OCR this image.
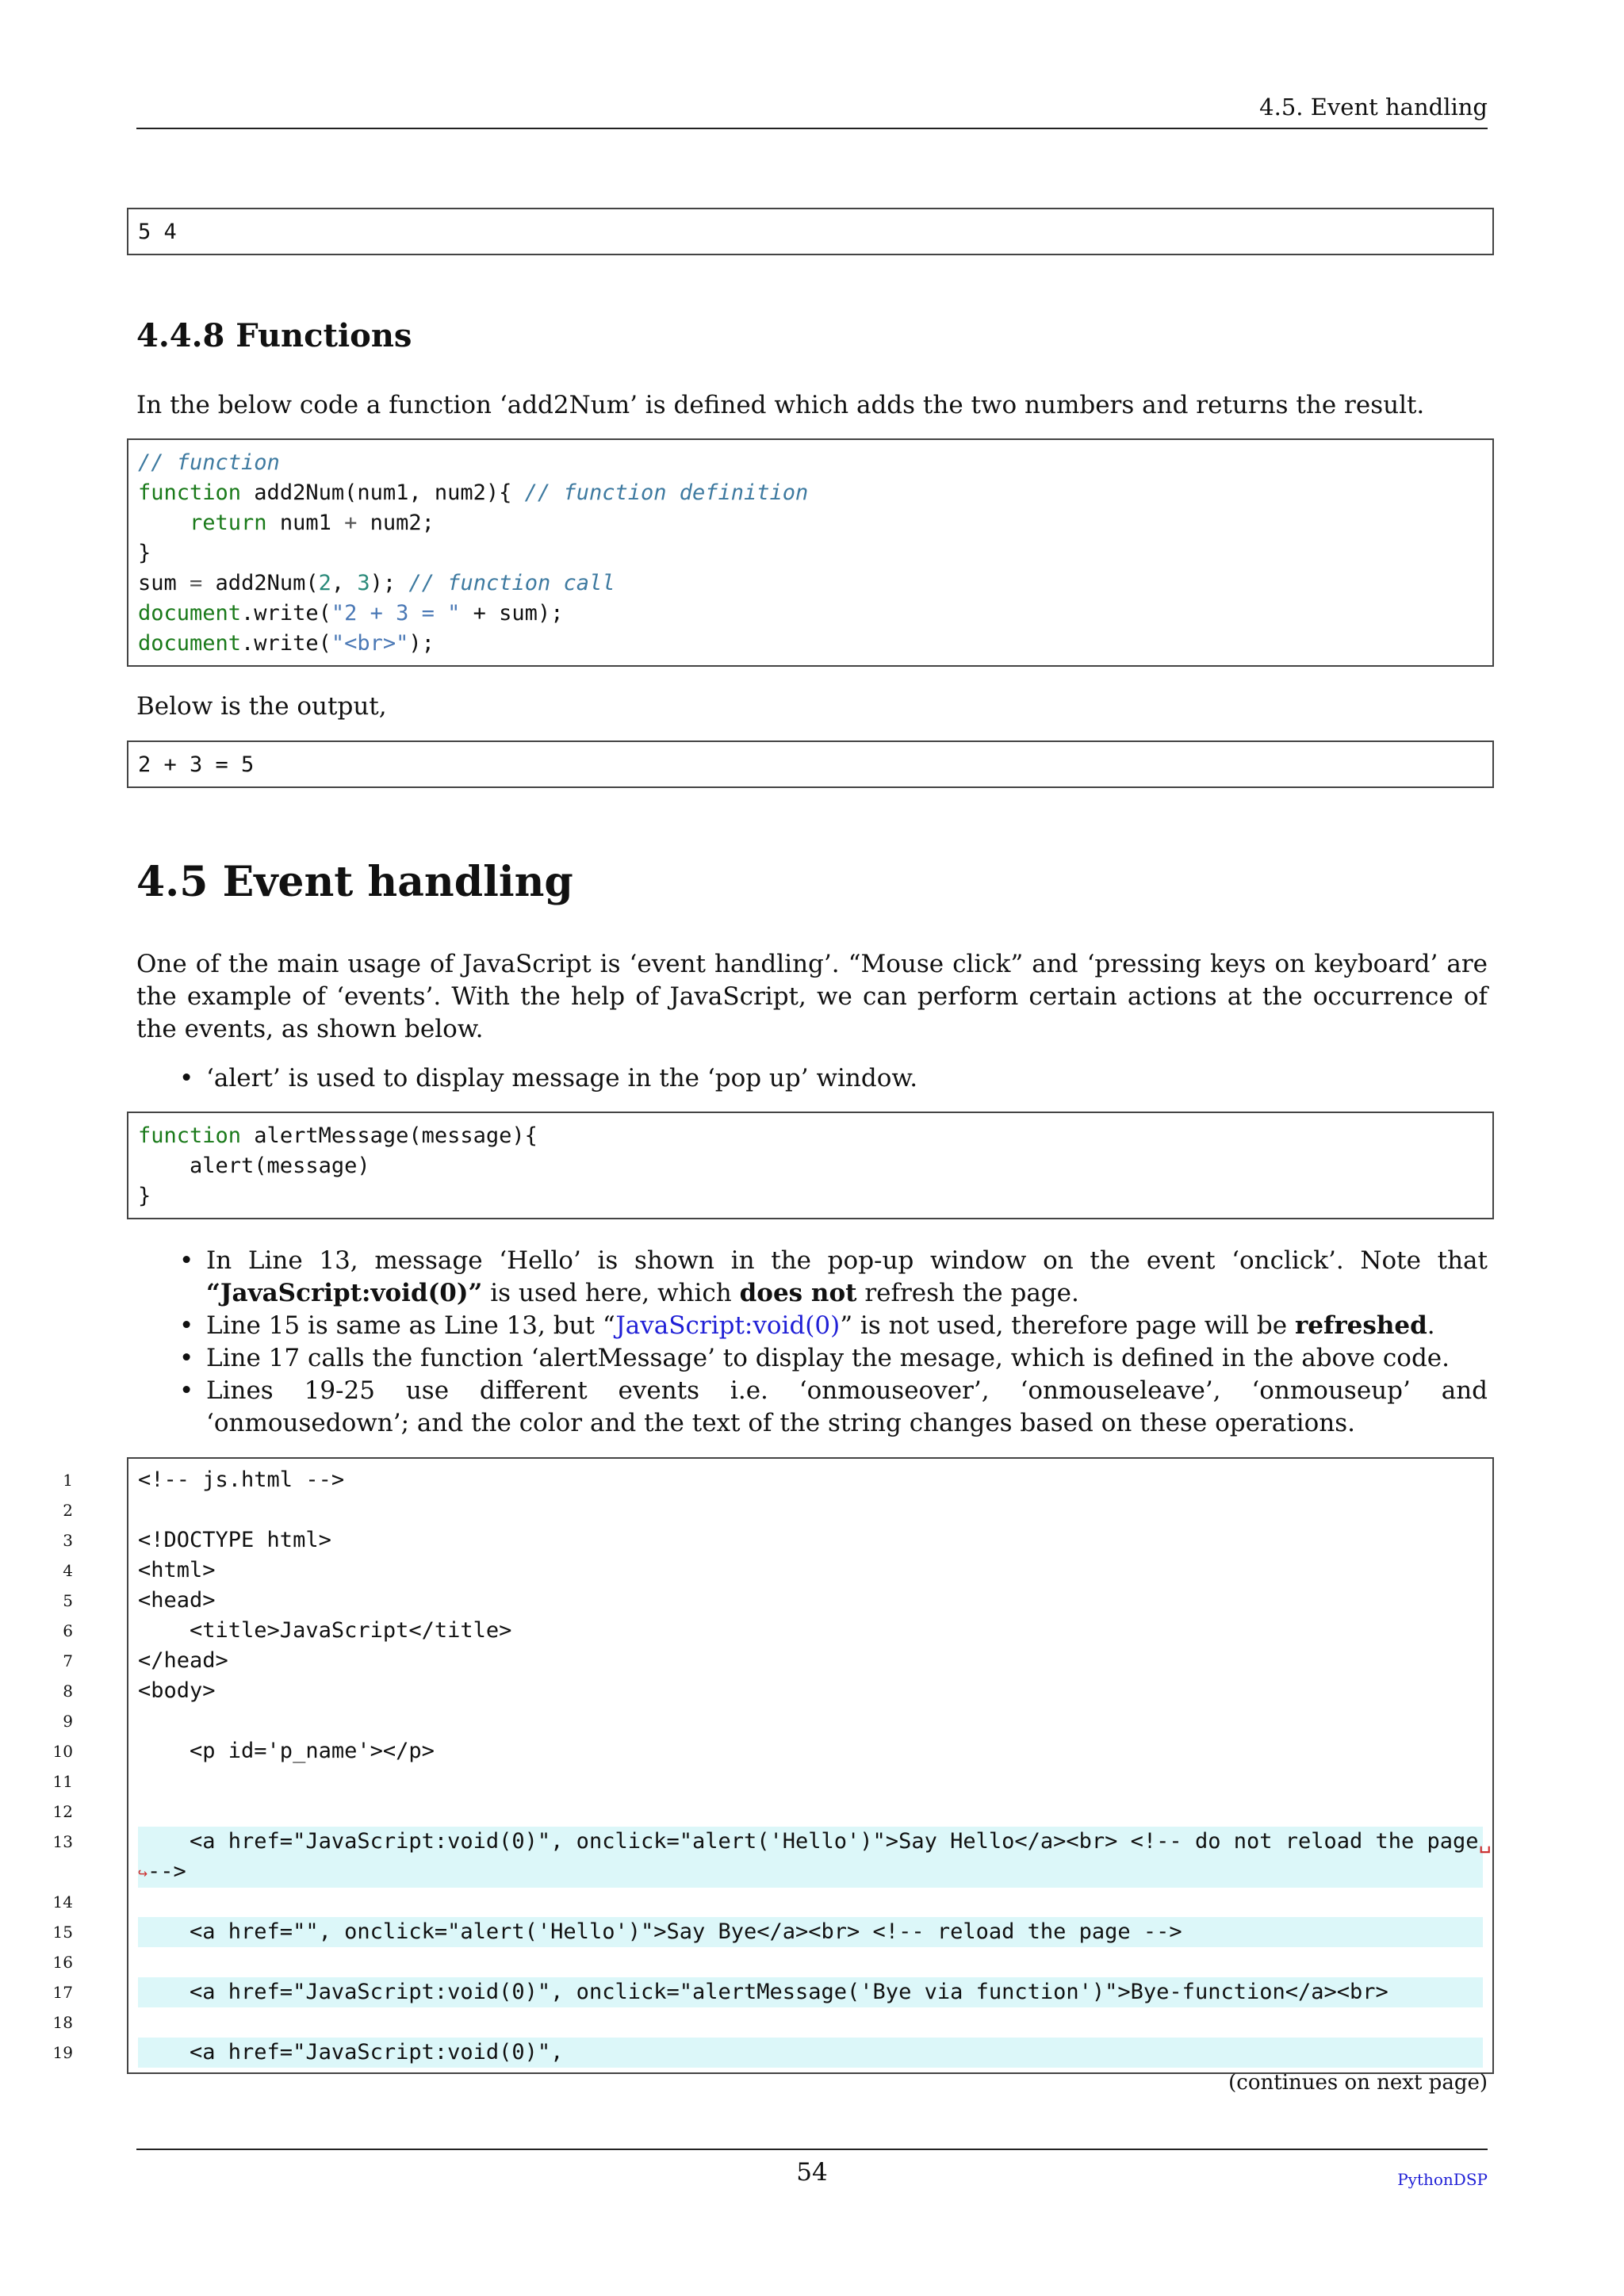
4.5. Event handling
5 4
4.4.8 Functions
In the below code a function ‘add2Num’ is defined which adds the two numbers and returns the result.
// function
function add2Num(num1, num2){ // function definition
return num1 + num2;
}
sum = add2Num(2, 3); // function call
document.write("2 + 3 = " + sum);
document.write("<br>");
Below is the output,
2 + 3 = 5
4.5 Event handling
One of the main usage of JavaScript is ‘event handling’. “Mouse click” and ‘pressing keys on keyboard’ are the example of ‘events’. With the help of JavaScript, we can perform certain actions at the occurrence of the events, as shown below.
• ‘alert’ is used to display message in the ‘pop up’ window.
function alertMessage(message){
alert(message)
}
• In Line 13, message ‘Hello’ is shown in the pop-up window on the event ‘onclick’. Note that “JavaScript:void(0)” is used here, which does not refresh the page.
• Line 15 is same as Line 13, but “JavaScript:void(0)” is not used, therefore page will be refreshed.
• Line 17 calls the function ‘alertMessage’ to display the mesage, which is defined in the above code.
• Lines 19-25 use different events i.e. ‘onmouseover’, ‘onmouseleave’, ‘onmouseup’ and ‘onmousedown’; and the color and the text of the string changes based on these operations.
1	<!-- js.html -->
2
3	<!DOCTYPE html>
4	<html>
5	<head>
6	<title>JavaScript</title>
7	</head>
8	<body>
9
10	<p id='p_name'></p>
11
12
13	<a href="JavaScript:void(0)", onclick="alert('Hello')">Say Hello</a><br> <!-- do not reload the page␣
↪-->
14
15	<a href="", onclick="alert('Hello')">Say Bye</a><br> <!-- reload the page -->
16
17	<a href="JavaScript:void(0)", onclick="alertMessage('Bye via function')">Bye-function</a><br>
18
19	<a href="JavaScript:void(0)",
(continues on next page)
54	PythonDSP
